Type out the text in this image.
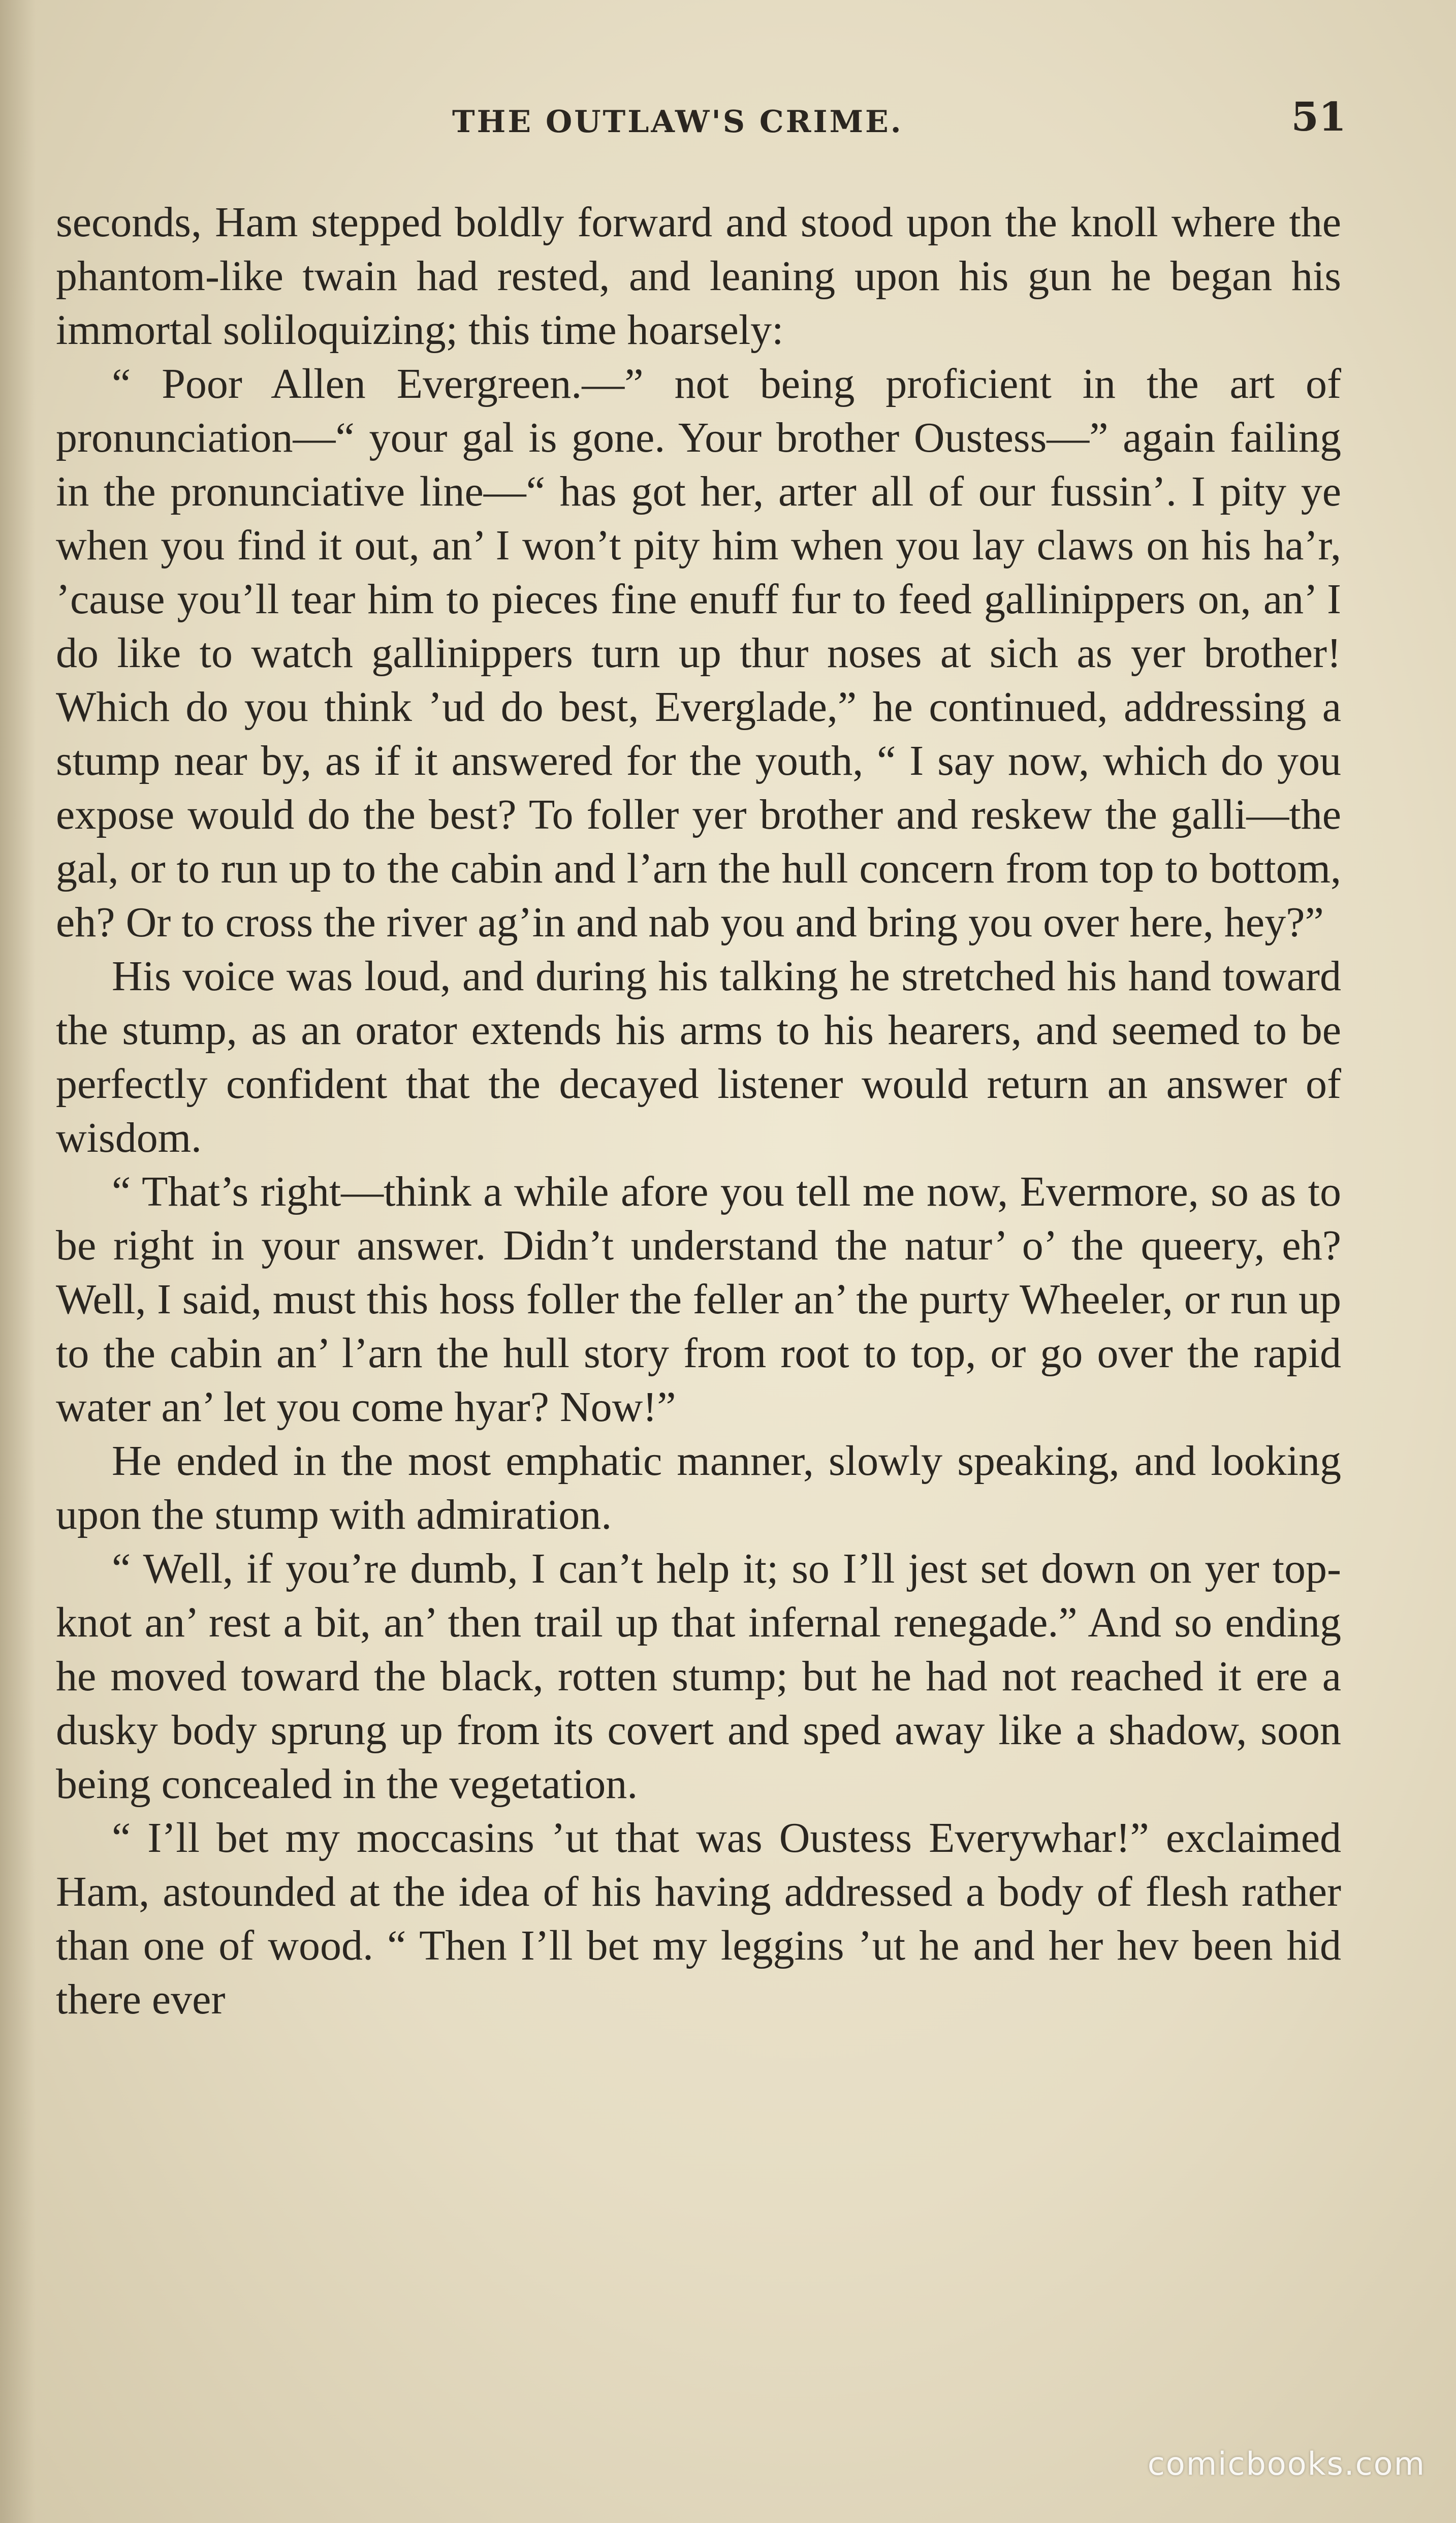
THE OUTLAW'S CRIME.	51

seconds, Ham stepped boldly forward and stood upon the knoll where the phantom-like twain had rested, and leaning upon his gun he began his immortal soliloquizing; this time hoarsely:

“ Poor Allen Evergreen.—” not being proficient in the art of pronunciation—“ your gal is gone. Your brother Oustess—” again failing in the pronunciative line—“ has got her, arter all of our fussin’. I pity ye when you find it out, an’ I won’t pity him when you lay claws on his ha’r, ’cause you’ll tear him to pieces fine enuff fur to feed gallinippers on, an’ I do like to watch gallinippers turn up thur noses at sich as yer brother! Which do you think ’ud do best, Everglade,” he continued, addressing a stump near by, as if it answered for the youth, “ I say now, which do you expose would do the best? To foller yer brother and reskew the galli—the gal, or to run up to the cabin and l’arn the hull concern from top to bottom, eh? Or to cross the river ag’in and nab you and bring you over here, hey?”

His voice was loud, and during his talking he stretched his hand toward the stump, as an orator extends his arms to his hearers, and seemed to be perfectly confident that the decayed listener would return an answer of wisdom.

“ That’s right—think a while afore you tell me now, Evermore, so as to be right in your answer. Didn’t understand the natur’ o’ the queery, eh? Well, I said, must this hoss foller the feller an’ the purty Wheeler, or run up to the cabin an’ l’arn the hull story from root to top, or go over the rapid water an’ let you come hyar? Now!”

He ended in the most emphatic manner, slowly speaking, and looking upon the stump with admiration.

“ Well, if you’re dumb, I can’t help it; so I’ll jest set down on yer top-knot an’ rest a bit, an’ then trail up that infernal renegade.” And so ending he moved toward the black, rotten stump; but he had not reached it ere a dusky body sprung up from its covert and sped away like a shadow, soon being concealed in the vegetation.

“ I’ll bet my moccasins ’ut that was Oustess Everywhar!” exclaimed Ham, astounded at the idea of his having addressed a body of flesh rather than one of wood. “ Then I’ll bet my leggins ’ut he and her hev been hid there ever

comicbooks.com
